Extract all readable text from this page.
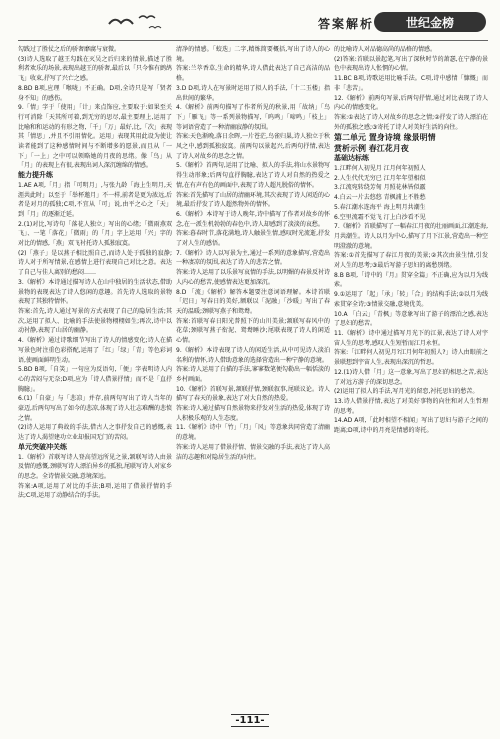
答案解析	世纪金榜

勾践过了胜仗之后的骄奢靡腐与衰微。

(3)诗人选取了越王勾践在灭吴之后归来的情景,描述了胜利者欢乐的场景,表现出越王的骄奢,最后以「只今惟有鹧鸪飞」收束,抒写了兴亡之感。

8.BD B项,应理「喉咙」不正确。D项,全诗只是写「贤者身不知」的感伤。

9.「情」字于「使用」「计」来点饰应,主要取于:如果至关行可消除「天其所可着,到无穷的思尽,最主要理上,运用了比喻和和运动的有形之物,「千」「万」最好,比,「次」表现其「情思」,并且不引用情化。运用」表现其用此设为使让读者能到了这种感情时间与不断增多的愿景,而且从「一下」「一上」之中可以领略她的月夜的思绪。像「鸟」从「月」的表现上有很,表现出词人深沉缠绵的情感。

能力提升练

1.AE A项,「月」指「可明月」,与张九龄「海上生明月,天涯共此时」以至于「举杯邀月」不一样,前者是更为浓远,后者是对月的孤独;C项,不宜从「可」说,由平之心之「天」到「月」的逐渐迁延。

2.(1)对比,写诗句「落花人独立」写出的心绪;「微雨燕双飞」、一笔「落花」「微雨」的「月」字上运用「兴」字的对比的情感,「燕」双飞衬托诗人孤独寂寞。

(2)「燕子」是以燕子相比照自己,而诗人处于孤独的寂静;诗人对于所写情景,在感情上进行表现自己对比之意。表达了自己与佳人离别的愁闷……

3.《解析》本诗通过描写诗人在山中独居的生活状态,借助景物的表现表达了诗人悠闲的意趣。首先诗人选取的景物表现了其独特情怀。

答案:首先,诗人通过写景的方式表现了自己的隐居生活;其次,运用了拟人、比喻的手法使景物栩栩如生;再次,诗中以动衬静,表现了山居的幽静。

4.《解析》通过诗歌细节写出了诗人的情感变化;诗人在描写景色时注重色彩搭配,运用了「红」「绿」「青」等色彩词语,使画面鲜明生动。

5.BD B项,「自笑」一句应为反语句,「便」字表明诗人内心的苦闷与无奈;D项,应为「诗人借景抒情」而不是「直抒胸臆」。

6.(1)「自豪」与「悲凉」并存,前两句写出了诗人当年的豪迈,后两句写出了如今的悲凉,体现了诗人壮志难酬的悲愤之情。

(2)诗人运用了典故的手法,借古人之事抒发自己的感慨,表达了诗人渴望建功立业却报国无门的苦闷。

单元突破冲关练

1.《解析》首联写诗人登高望远所见之景,颔联写诗人由景及情的感慨,颈联写诗人漂泊异乡的孤独,尾联写诗人对家乡的思念。全诗情景交融,意境深远。

答案:A项,运用了对比的手法;B项,运用了借景抒情的手法;C项,运用了动静结合的手法。

清净的情感。「蛟迭」二字,精炼简要概括,写出了诗人的心境。

答案:兰萃香草,生命的精华,诗人借此表达了自己高洁的品格。

3.D D项,诗人在写景时运用了拟人的手法,「十二玉楼」指出世间的繁华。

4.《解析》前两句描写了作者所见的秋景,用「故纳」「鸟下」「雁飞」等一系列景物描写,「呜鸣」「啼鸣」「枝上」等词语营造了一种清幽寂静的氛围。

答案:天色渐晚,落日余晖,一片苍茫,鸟雀归巢,诗人独立于秋风之中,感到孤独寂寞。前两句以景起兴,后两句抒情,表达了诗人对故乡的思念之情。

5.《解析》首两句,运用了比喻、拟人的手法,将山水景物写得生动形象;后两句直抒胸臆,表达了诗人对自然的热爱之情,在有声有色的画面中,表现了诗人超凡脱俗的情怀。

答案:首先描写了山居的清幽环境,其次表现了诗人闲适的心境,最后抒发了诗人超然物外的情怀。

6.《解析》本诗写于诗人晚年,诗中描写了作者对故乡的怀念,在一派生机勃勃的春色中,诗人却感到了淡淡的哀愁。

答案:暮春时节,落花满地,诗人触景生情,感叹时光流逝,抒发了对人生的感悟。

7.《解析》诗人以写景为主,通过一系列的意象描写,营造出一种凄凉的氛围,表达了诗人的悲苦之情。

答案:诗人运用了以乐景写哀情的手法,以明媚的春景反衬诗人内心的愁苦,使感情表达更加深沉。

8.D 「流」《解析》解答本题要注意词语理解。本诗首联「迟日」写春日的美好,额联以「泥融」「沙暖」写出了春天的温暖;颈联写燕子和鸳鸯。

答案:首联写春日阳光普照下的山川美景;颔联写春风中的花草;颈联写燕子衔泥、鸳鸯睡沙;尾联表现了诗人的闲适心情。

9.《解析》本诗表现了诗人的闲适生活,从中可见诗人淡泊名利的情怀,诗人借助意象的选择营造出一种宁静的意境。

答案:诗人运用了白描的手法,寥寥数笔便勾勒出一幅恬淡的乡村画面。

10.《解析》首联写景,颔联抒情,颈联叙事,尾联议论。诗人描写了春天的景象,表达了对大自然的热爱。

答案:诗人通过描写自然景物来抒发对生活的热爱,体现了诗人积极乐观的人生态度。

11.《解析》诗中「竹」「月」「风」等意象共同营造了清幽的意境。

答案:诗人运用了借景抒情、情景交融的手法,表达了诗人高洁的志趣和对隐居生活的向往。

的比喻诗人对品德高尚的品格的情感。

(2)答案:首联以景起笔,写出了深秋时节的萧瑟,在宁静的景色中表现出诗人怅惘的心情。

11.BC B项,诗歌运用比喻手法。C项,诗中感情「慷慨」而非「悲苦」。

12.《解析》前两句写景,后两句抒情,通过对比表现了诗人内心的情感变化。

答案:①表达了诗人对故乡的思念之情;②抒发了诗人漂泊在外的孤独之感;③寄托了诗人对美好生活的向往。

第二单元 置身诗境 缘景明情

赏析示例 春江花月夜

基础达标练

1.江畔何人初见月 江月何年初照人

2.人生代代无穷已 江月年年望相似

3.江流宛转绕芳甸 月照花林皆似霰

4.白云一片去悠悠 青枫浦上不胜愁

5.春江潮水连海平 海上明月共潮生

6.空里流霜不觉飞 汀上白沙看不见

7.《解析》首联描写了一幅春江月夜的壮丽画面,江潮连海,月共潮生。诗人以月为中心,描写了月下江景,营造出一种空明澄澈的意境。

答案:①首先描写了春江月夜的美景;②其次由景生情,引发对人生的思考;③最后写游子思妇的离愁别绪。

8.B B项,「诗中的『月』贯穿全篇」不正确,应为以月为线索。

9.①运用了「起」「承」「转」「合」的结构手法;②以月为线索贯穿全诗;③情景交融,意境优美。

10.A 「白云」「青枫」等意象写出了游子的漂泊之感,表达了思妇的愁苦。

11.《解析》诗中通过描写月光下的江景,表达了诗人对宇宙人生的思考,感叹人生短暂而江月永恒。

答案:「江畔何人初见月?江月何年初照人?」诗人由眼前之景联想到宇宙人生,表现出深沉的哲思。

12.(1)诗人借「月」这一意象,写出了思妇的相思之苦,表达了对远方游子的深切思念。

(2)运用了拟人的手法,写月光的留恋,衬托思妇的愁苦。

13.诗人借景抒情,表达了对美好事物的向往和对人生哲理的思考。

14.AD A项,「此时相望不相闻」写出了思妇与游子之间的距离;D项,诗中的月亮是情感的寄托。

-111-
